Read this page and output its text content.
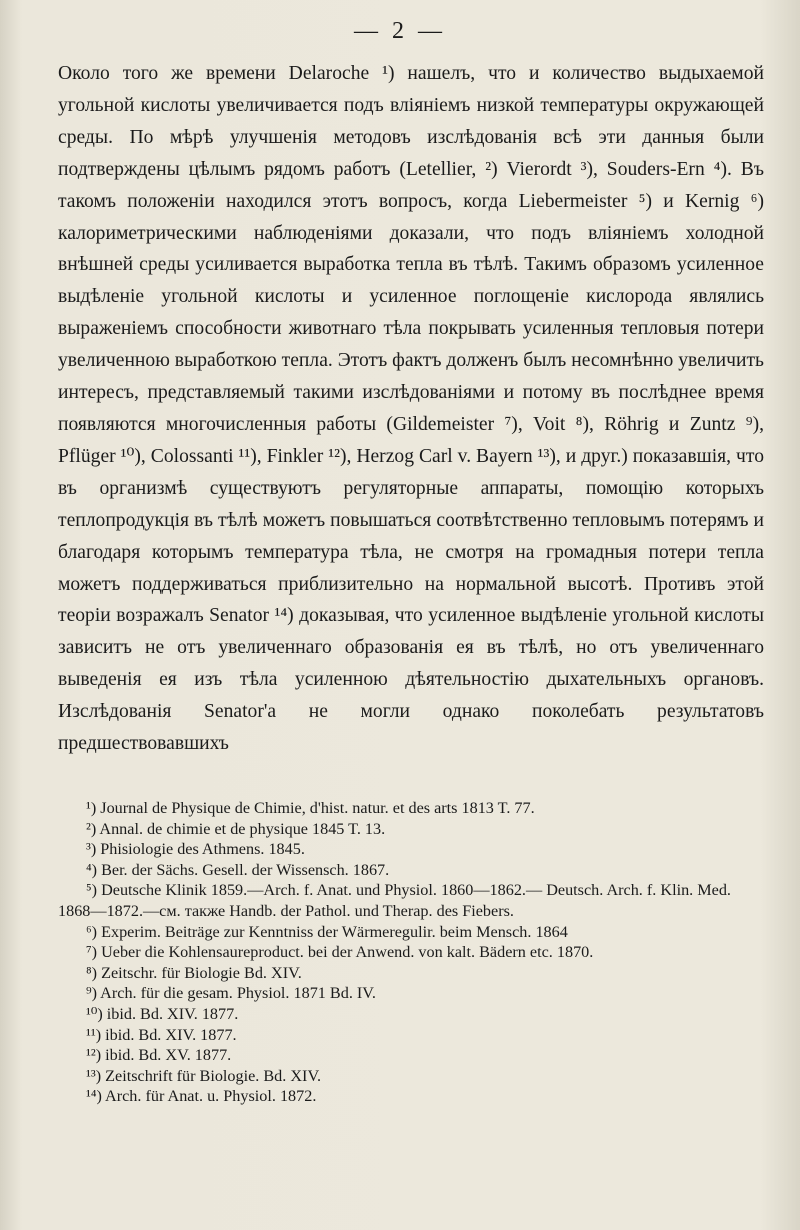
— 2 —

Около того же времени Delaroche ¹) нашелъ, что и количество выдыхаемой угольной кислоты увеличивается подъ вліяніемъ низкой температуры окружающей среды. По мѣрѣ улучшенія методовъ изслѣдованія всѣ эти данныя были подтверждены цѣлымъ рядомъ работъ (Letellier, ²) Vierordt ³), Souders-Ern ⁴). Въ такомъ положеніи находился этотъ вопросъ, когда Liebermeister ⁵) и Kernig ⁶) калориметрическими наблюденіями доказали, что подъ вліяніемъ холодной внѣшней среды усиливается выработка тепла въ тѣлѣ. Такимъ образомъ усиленное выдѣленіе угольной кислоты и усиленное поглощеніе кислорода являлись выраженіемъ способности животнаго тѣла покрывать усиленныя тепловыя потери увеличенною выработкою тепла. Этотъ фактъ долженъ былъ несомнѣнно увеличить интересъ, представляемый такими изслѣдованіями и потому въ послѣднее время появляются многочисленныя работы (Gildemeister ⁷), Voit ⁸), Röhrig и Zuntz ⁹), Pflüger ¹⁰), Colossanti ¹¹), Finkler ¹²), Herzog Carl v. Bayern ¹³), и друг.) показавшія, что въ организмѣ существуютъ регуляторные аппараты, помощію которыхъ теплопродукція въ тѣлѣ можетъ повышаться соотвѣтственно тепловымъ потерямъ и благодаря которымъ температура тѣла, не смотря на громадныя потери тепла можетъ поддерживаться приблизительно на нормальной высотѣ. Противъ этой теоріи возражалъ Senator ¹⁴) доказывая, что усиленное выдѣленіе угольной кислоты зависитъ не отъ увеличеннаго образованія ея въ тѣлѣ, но отъ увеличеннаго выведенія ея изъ тѣла усиленною дѣятельностію дыхательныхъ органовъ. Изслѣдованія Senator'а не могли однако поколебать результатовъ предшествовавшихъ

¹) Journal de Physique de Chimie, d'hist. natur. et des arts 1813 T. 77.

²) Annal. de chimie et de physique 1845 T. 13.

³) Phisiologie des Athmens. 1845.

⁴) Ber. der Sächs. Gesell. der Wissensch. 1867.

⁵) Deutsche Klinik 1859.—Arch. f. Anat. und Physiol. 1860—1862.— Deutsch. Arch. f. Klin. Med. 1868—1872.—см. также Handb. der Pathol. und Therap. des Fiebers.

⁶) Experim. Beiträge zur Kenntniss der Wärmeregulir. beim Mensch. 1864

⁷) Ueber die Kohlensaureproduct. bei der Anwend. von kalt. Bädern etc. 1870.

⁸) Zeitschr. für Biologie Bd. XIV.

⁹) Arch. für die gesam. Physiol. 1871 Bd. IV.

¹⁰) ibid. Bd. XIV. 1877.

¹¹) ibid. Bd. XIV. 1877.

¹²) ibid. Bd. XV. 1877.

¹³) Zeitschrift für Biologie. Bd. XIV.

¹⁴) Arch. für Anat. u. Physiol. 1872.
